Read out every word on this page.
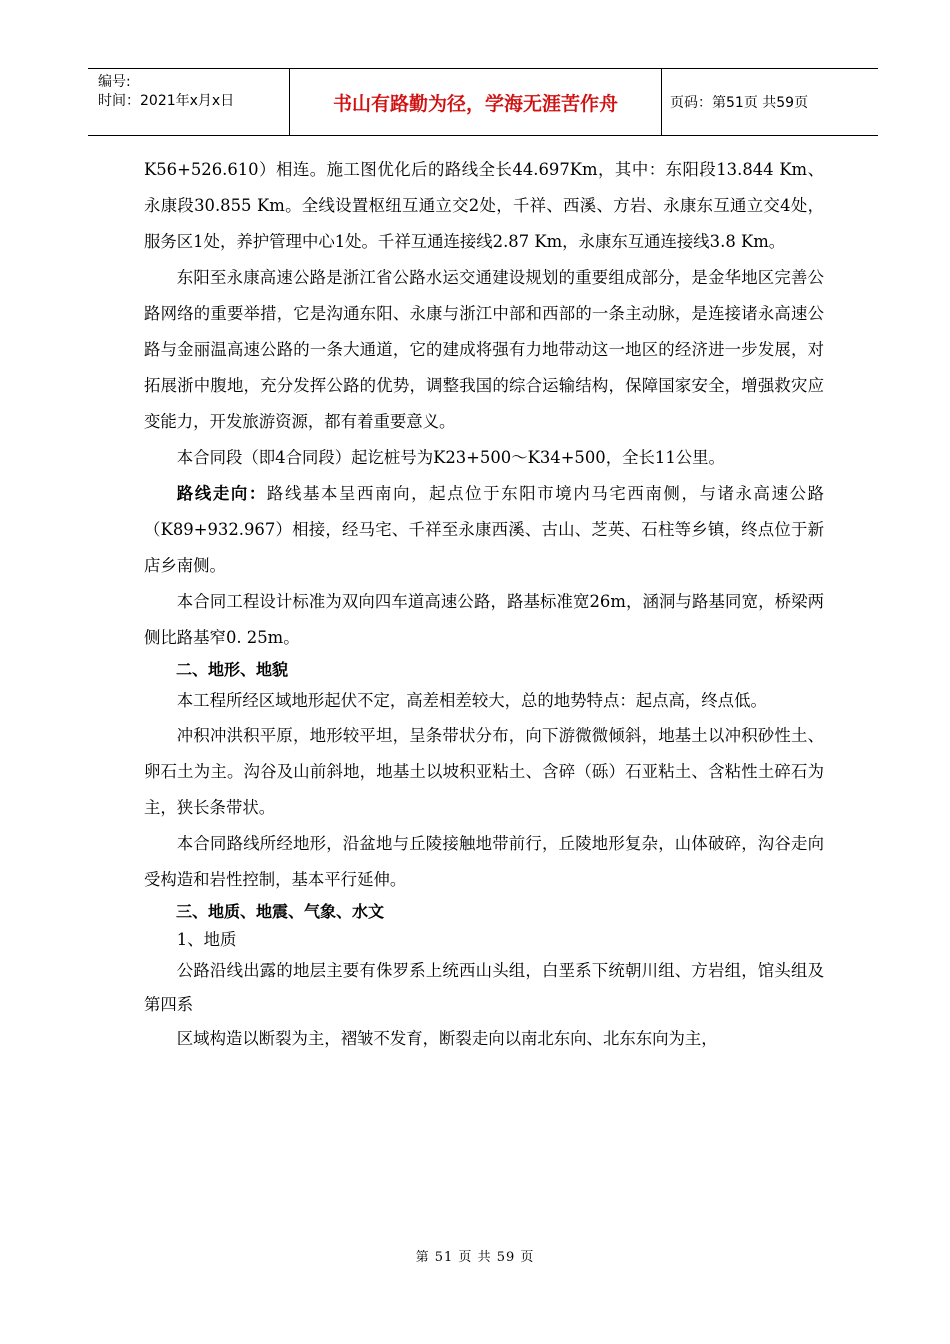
编号:
时间：2021年x月x日	书山有路勤为径，学海无涯苦作舟	页码：第51页 共59页

K56+526.610）相连。施工图优化后的路线全长44.697Km，其中：东阳段13.844 Km、永康段30.855 Km。全线设置枢纽互通立交2处，千祥、西溪、方岩、永康东互通立交4处，服务区1处，养护管理中心1处。千祥互通连接线2.87 Km，永康东互通连接线3.8 Km。

东阳至永康高速公路是浙江省公路水运交通建设规划的重要组成部分，是金华地区完善公路网络的重要举措，它是沟通东阳、永康与浙江中部和西部的一条主动脉，是连接诸永高速公路与金丽温高速公路的一条大通道，它的建成将强有力地带动这一地区的经济进一步发展，对拓展浙中腹地，充分发挥公路的优势，调整我国的综合运输结构，保障国家安全，增强救灾应变能力，开发旅游资源，都有着重要意义。

本合同段（即4合同段）起讫桩号为K23+500～K34+500，全长11公里。

路线走向：路线基本呈西南向，起点位于东阳市境内马宅西南侧，与诸永高速公路（K89+932.967）相接，经马宅、千祥至永康西溪、古山、芝英、石柱等乡镇，终点位于新店乡南侧。

本合同工程设计标准为双向四车道高速公路，路基标准宽26m，涵洞与路基同宽，桥梁两侧比路基窄0. 25m。

二、地形、地貌

本工程所经区域地形起伏不定，高差相差较大，总的地势特点：起点高，终点低。

冲积冲洪积平原，地形较平坦，呈条带状分布，向下游微微倾斜，地基土以冲积砂性土、卵石土为主。沟谷及山前斜地，地基土以坡积亚粘土、含碎（砾）石亚粘土、含粘性土碎石为主，狭长条带状。

本合同路线所经地形，沿盆地与丘陵接触地带前行，丘陵地形复杂，山体破碎，沟谷走向受构造和岩性控制，基本平行延伸。

三、地质、地震、气象、水文

1、地质

公路沿线出露的地层主要有侏罗系上统西山头组，白垩系下统朝川组、方岩组，馆头组及第四系

区域构造以断裂为主，褶皱不发育，断裂走向以南北东向、北东东向为主，

第 51 页 共 59 页
